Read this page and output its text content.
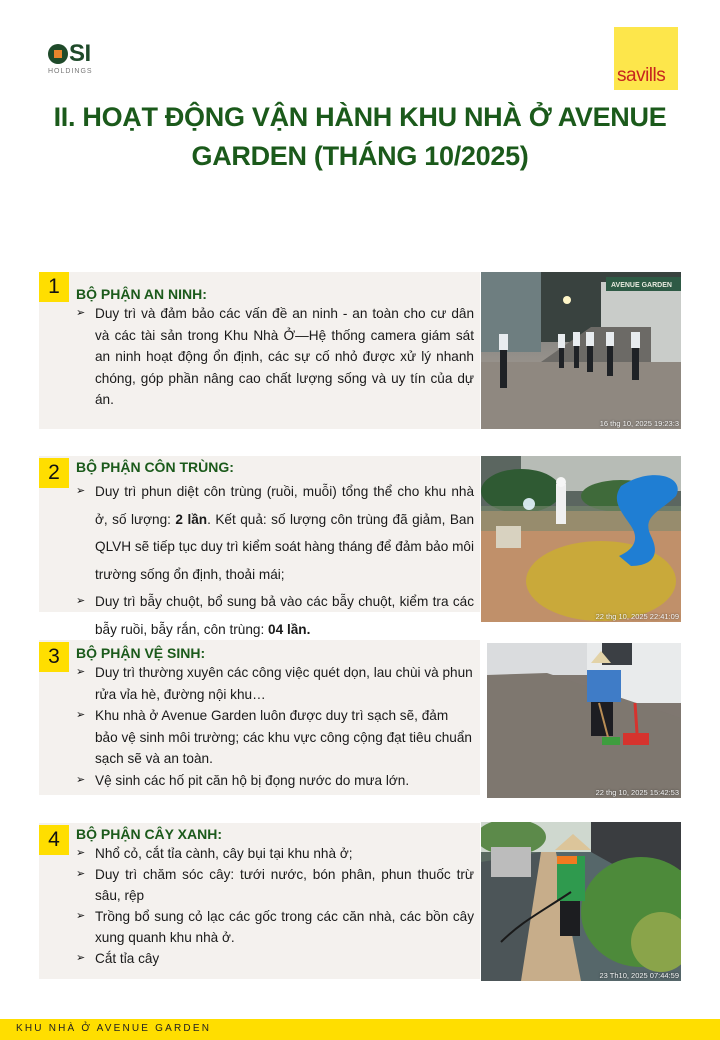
SI
HOLDINGS	savills
II. HOẠT ĐỘNG VẬN HÀNH KHU NHÀ Ở AVENUE
GARDEN (THÁNG 10/2025)
1	BỘ PHẬN AN NINH:
➢ Duy trì và đảm bảo các vấn đề an ninh - an toàn cho cư dân và các tài sản trong Khu Nhà Ở—Hệ thống camera giám sát an ninh hoạt động ổn định, các sự cố nhỏ được xử lý nhanh chóng, góp phần nâng cao chất lượng sống và uy tín của dự án.
AVENUE GARDEN
16 thg 10, 2025 19:23:3
2	BỘ PHẬN CÔN TRÙNG:
➢ Duy trì phun diệt côn trùng (ruồi, muỗi) tổng thể cho khu nhà ở, số lượng: 2 lần. Kết quả: số lượng côn trùng đã giảm, Ban QLVH sẽ tiếp tục duy trì kiểm soát hàng tháng để đảm bảo môi trường sống ổn định, thoải mái;
➢ Duy trì bẫy chuột, bổ sung bả vào các bẫy chuột, kiểm tra các bẫy ruồi, bẫy rắn, côn trùng: 04 lần.
22 thg 10, 2025 22:41:09
3	BỘ PHẬN VỆ SINH:
➢ Duy trì thường xuyên các công việc quét dọn, lau chùi và phun rửa vỉa hè, đường nội khu…
➢ Khu nhà ở Avenue Garden luôn được duy trì sạch sẽ, đảm bảo vệ sinh môi trường; các khu vực công cộng đạt tiêu chuẩn sạch sẽ và an toàn.
➢ Vệ sinh các hố pit căn hộ bị đọng nước do mưa lớn.
22 thg 10, 2025 15:42:53
4	BỘ PHẬN CÂY XANH:
➢ Nhổ cỏ, cắt tỉa cành, cây bụi tại khu nhà ở;
➢ Duy trì chăm sóc cây: tưới nước, bón phân, phun thuốc trừ sâu, rệp
➢ Trồng bổ sung cỏ lạc các gốc trong các căn nhà, các bồn cây xung quanh khu nhà ở.
➢ Cắt tỉa cây
23 Th10, 2025 07:44:59
KHU NHÀ Ở AVENUE GARDEN
